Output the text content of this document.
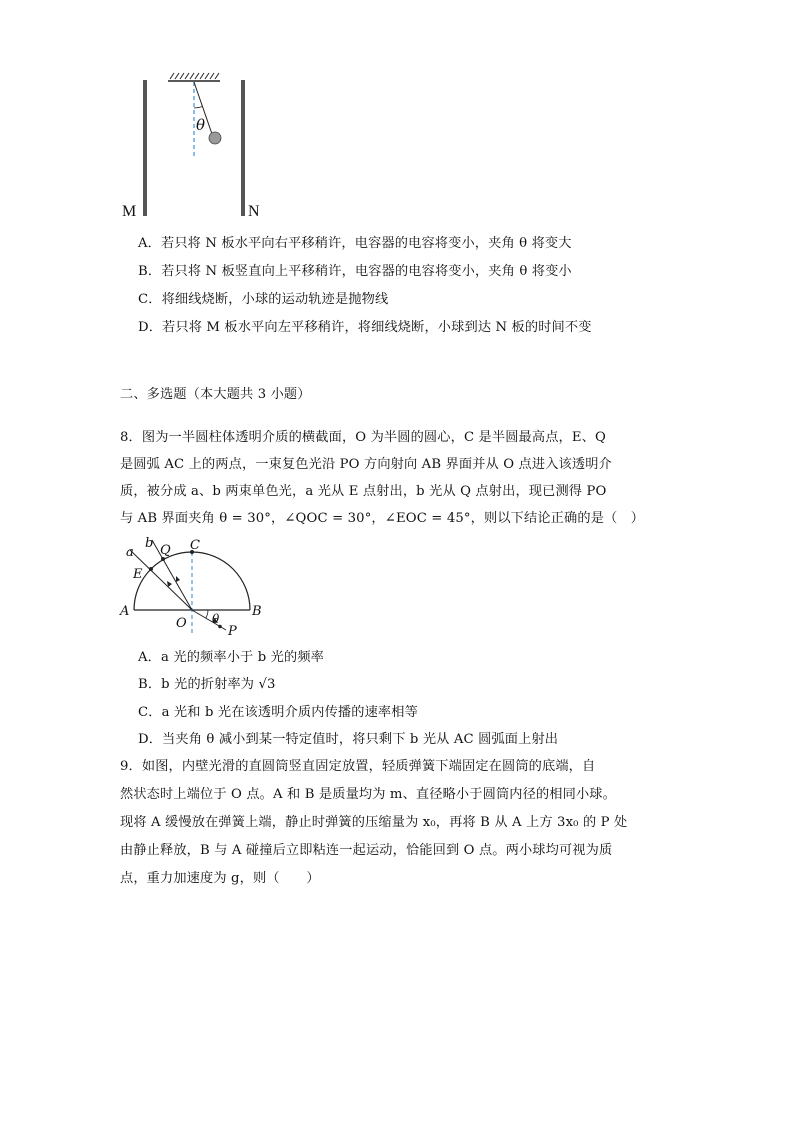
θ
M	N
A．若只将 N 板水平向右平移稍许，电容器的电容将变小，夹角 θ 将变大
B．若只将 N 板竖直向上平移稍许，电容器的电容将变小，夹角 θ 将变小
C．将细线烧断，小球的运动轨迹是抛物线
D．若只将 M 板水平向左平移稍许，将细线烧断，小球到达 N 板的时间不变
二、多选题（本大题共 3 小题）
8．图为一半圆柱体透明介质的横截面，O 为半圆的圆心，C 是半圆最高点，E、Q
是圆弧 AC 上的两点，一束复色光沿 PO 方向射向 AB 界面并从 O 点进入该透明介
质，被分成 a、b 两束单色光，a 光从 E 点射出，b 光从 Q 点射出，现已测得 PO
与 AB 界面夹角 θ = 30°，∠QOC = 30°，∠EOC = 45°，则以下结论正确的是（　）
a
b Q C
E
A	B
O θ
P
A．a 光的频率小于 b 光的频率
B．b 光的折射率为 √3
C．a 光和 b 光在该透明介质内传播的速率相等
D．当夹角 θ 减小到某一特定值时，将只剩下 b 光从 AC 圆弧面上射出
9．如图，内壁光滑的直圆筒竖直固定放置，轻质弹簧下端固定在圆筒的底端，自
然状态时上端位于 O 点。A 和 B 是质量均为 m、直径略小于圆筒内径的相同小球。
现将 A 缓慢放在弹簧上端，静止时弹簧的压缩量为 x₀，再将 B 从 A 上方 3x₀ 的 P 处
由静止释放，B 与 A 碰撞后立即粘连一起运动，恰能回到 O 点。两小球均可视为质
点，重力加速度为 g，则（　　）
